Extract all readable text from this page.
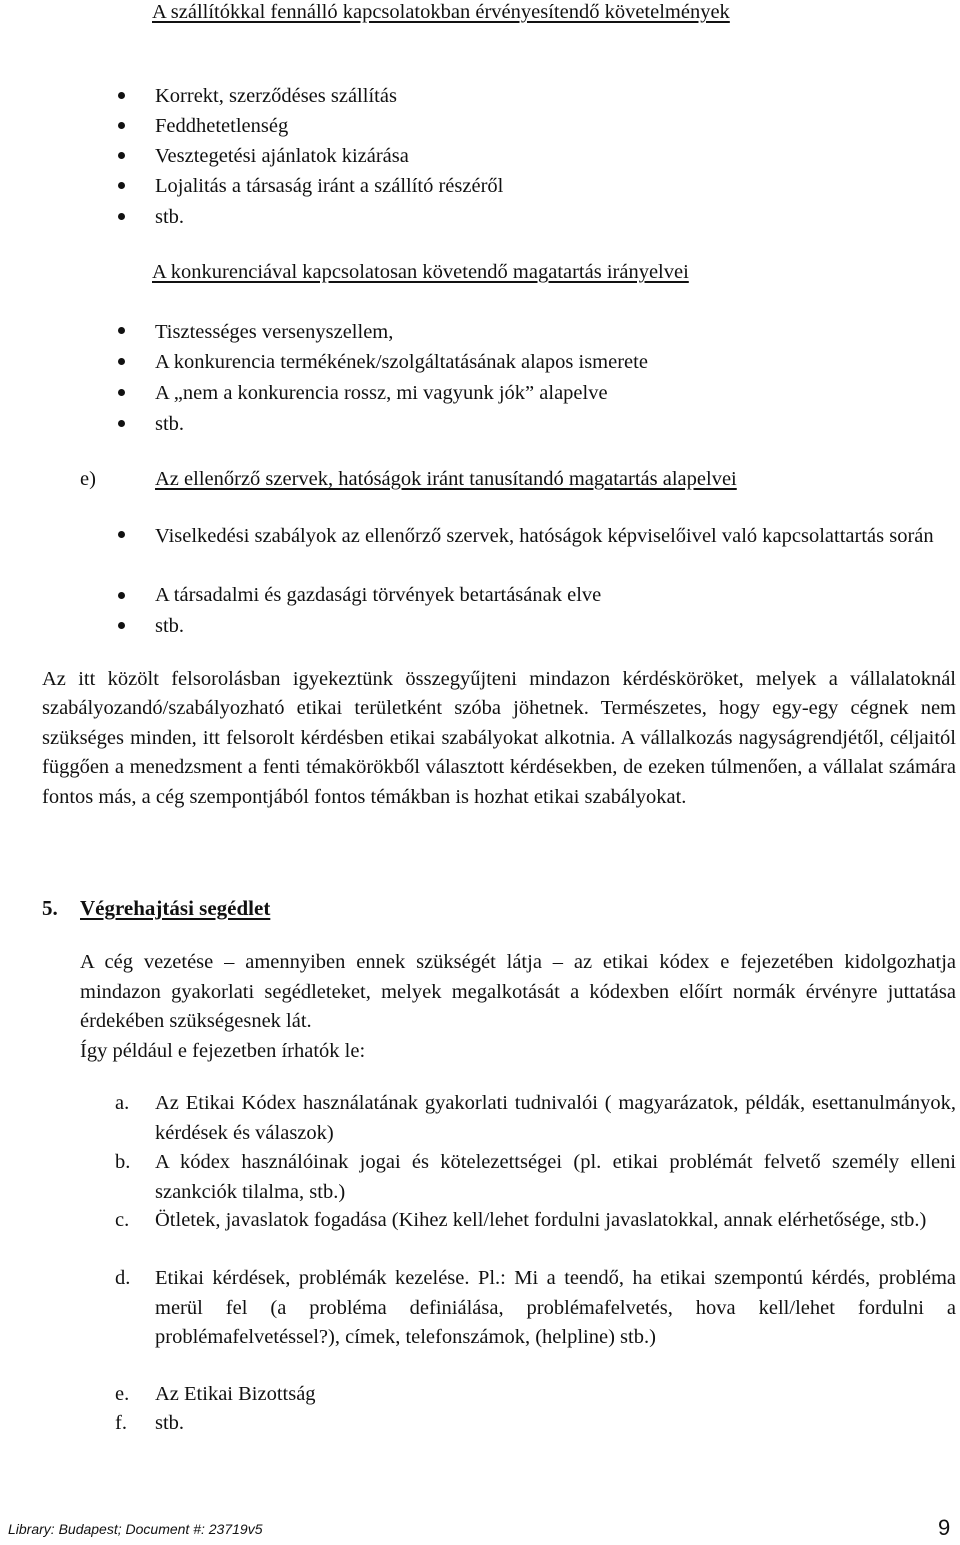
A szállítókkal fennálló kapcsolatokban érvényesítendő követelmények
Korrekt, szerződéses szállítás
Feddhetetlenség
Vesztegetési ajánlatok kizárása
Lojalitás a társaság iránt a szállító részéről
stb.
A konkurenciával kapcsolatosan követendő magatartás irányelvei
Tisztességes versenyszellem,
A konkurencia termékének/szolgáltatásának alapos ismerete
A „nem a konkurencia rossz, mi vagyunk jók” alapelve
stb.
e)	Az ellenőrző szervek, hatóságok iránt tanusítandó magatartás alapelvei
Viselkedési szabályok az ellenőrző szervek, hatóságok képviselőivel való kapcsolattartás során
A társadalmi és gazdasági törvények betartásának elve
stb.
Az itt közölt felsorolásban igyekeztünk összegyűjteni mindazon kérdésköröket, melyek a vállalatoknál szabályozandó/szabályozható etikai területként szóba jöhetnek. Természetes, hogy egy-egy cégnek nem szükséges minden, itt felsorolt kérdésben etikai szabályokat alkotnia. A vállalkozás nagyságrendjétől, céljaitól függően a menedzsment a fenti témakörökből választott kérdésekben, de ezeken túlmenően, a vállalat számára fontos más, a cég szempontjából fontos témákban is hozhat etikai szabályokat.
5. Végrehajtási segédlet
A cég vezetése – amennyiben ennek szükségét látja – az etikai kódex e fejezetében kidolgozhatja mindazon gyakorlati segédleteket, melyek megalkotását a kódexben előírt normák érvényre juttatása érdekében szükségesnek lát.
Így például e fejezetben írhatók le:
a. Az Etikai Kódex használatának gyakorlati tudnivalói ( magyarázatok, példák, esettanulmányok, kérdések és válaszok)
b. A kódex használóinak jogai és kötelezettségei (pl. etikai problémát felvető személy elleni szankciók tilalma, stb.)
c. Ötletek, javaslatok fogadása (Kihez kell/lehet fordulni javaslatokkal, annak elérhetősége, stb.)
d. Etikai kérdések, problémák kezelése. Pl.: Mi a teendő, ha etikai szempontú kérdés, probléma merül fel (a probléma definiálása, problémafelvetés, hova kell/lehet fordulni a problémafelvetéssel?), címek, telefonszámok, (helpline) stb.)
e. Az Etikai Bizottság
f. stb.
Library: Budapest; Document #: 23719v5	9
